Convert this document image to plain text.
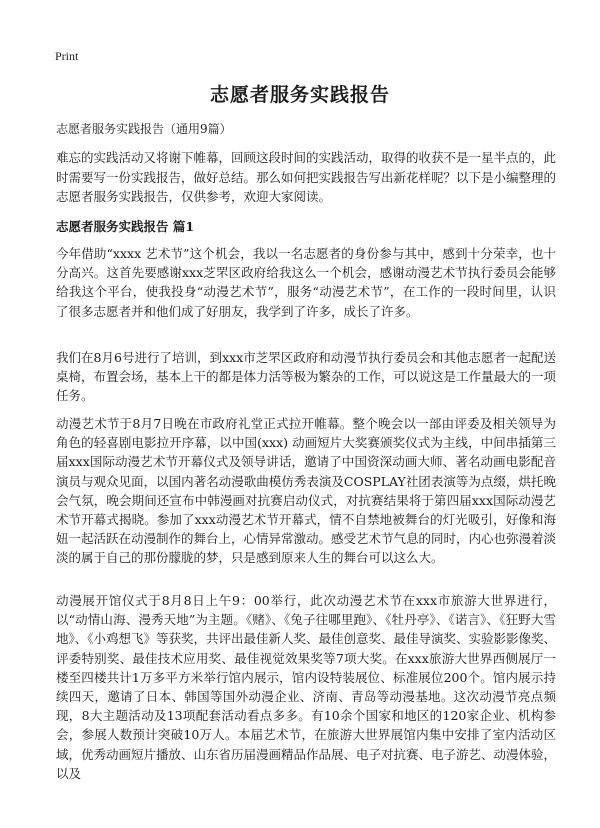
Print
志愿者服务实践报告

志愿者服务实践报告（通用9篇）

难忘的实践活动又将谢下帷幕，回顾这段时间的实践活动，取得的收获不是一星半点的，此时需要写一份实践报告，做好总结。那么如何把实践报告写出新花样呢？以下是小编整理的志愿者服务实践报告，仅供参考，欢迎大家阅读。

志愿者服务实践报告 篇1

今年借助“xxxx 艺术节”这个机会，我以一名志愿者的身份参与其中，感到十分荣幸，也十分高兴。这首先要感谢xxx芝罘区政府给我这么一个机会，感谢动漫艺术节执行委员会能够给我这个平台，使我投身“动漫艺术节”，服务“动漫艺术节”，在工作的一段时间里，认识了很多志愿者并和他们成了好朋友，我学到了许多，成长了许多。

我们在8月6号进行了培训，到xxx市芝罘区政府和动漫节执行委员会和其他志愿者一起配送桌椅，布置会场，基本上干的都是体力活等极为繁杂的工作，可以说这是工作量最大的一项任务。

动漫艺术节于8月7日晚在市政府礼堂正式拉开帷幕。整个晚会以一部由评委及相关领导为角色的轻喜剧电影拉开序幕，以中国(xxx) 动画短片大奖赛颁奖仪式为主线，中间串插第三届xxx国际动漫艺术节开幕仪式及领导讲话，邀请了中国资深动画大师、著名动画电影配音演员与观众见面，以国内著名动漫歌曲模仿秀表演及COSPLAY社团表演等为点缀，烘托晚会气氛，晚会期间还宣布中韩漫画对抗赛启动仪式，对抗赛结果将于第四届xxx国际动漫艺术节开幕式揭晓。参加了xxx动漫艺术节开幕式，情不自禁地被舞台的灯光吸引，好像和海妞一起活跃在动漫制作的舞台上，心情异常激动。感受艺术节气息的同时，内心也弥漫着淡淡的属于自己的那份朦胧的梦，只是感到原来人生的舞台可以这么大。

动漫展开馆仪式于8月8日上午9：00举行，此次动漫艺术节在xxx市旅游大世界进行，以“动情山海、漫秀天地”为主题。《赌》、《兔子往哪里跑》、《牡丹亭》、《诺言》、《狂野大雪地》、《小鸡想飞》等获奖，共评出最佳新人奖、最佳创意奖、最佳导演奖、实验影影像奖、评委特别奖、最佳技术应用奖、最佳视觉效果奖等7项大奖。在xxx旅游大世界西侧展厅一楼至四楼共计1万多平方米举行馆内展示，馆内设特装展位、标准展位200个。馆内展示持续四天，邀请了日本、韩国等国外动漫企业、济南、青岛等动漫基地。这次动漫节亮点频现，8大主题活动及13项配套活动看点多多。有10余个国家和地区的120家企业、机构参会，参展人数预计突破10万人。本届艺术节，在旅游大世界展馆内集中安排了室内活动区域，优秀动画短片播放、山东省历届漫画精品作品展、电子对抗赛、电子游艺、动漫体验，以及
